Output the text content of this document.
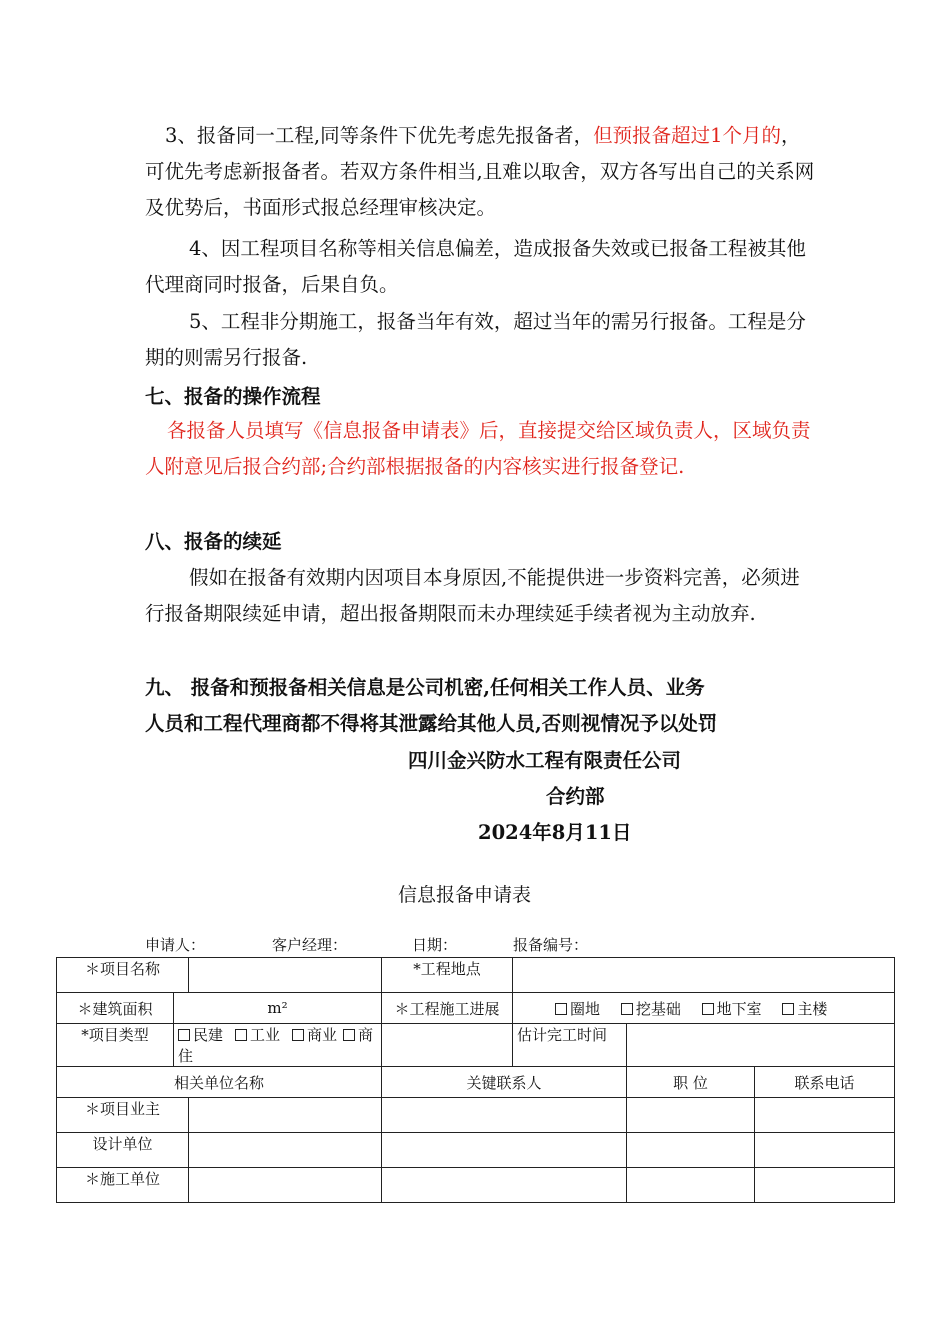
3、报备同一工程,同等条件下优先考虑先报备者，但预报备超过1个月的，可优先考虑新报备者。若双方条件相当,且难以取舍，双方各写出自己的关系网及优势后，书面形式报总经理审核决定。
4、因工程项目名称等相关信息偏差，造成报备失效或已报备工程被其他代理商同时报备，后果自负。
5、工程非分期施工，报备当年有效，超过当年的需另行报备。工程是分期的则需另行报备.
七、报备的操作流程
各报备人员填写《信息报备申请表》后，直接提交给区域负责人，区域负责人附意见后报合约部;合约部根据报备的内容核实进行报备登记.
八、报备的续延
假如在报备有效期内因项目本身原因,不能提供进一步资料完善，必须进行报备期限续延申请，超出报备期限而未办理续延手续者视为主动放弃.
九、 报备和预报备相关信息是公司机密,任何相关工作人员、业务
人员和工程代理商都不得将其泄露给其他人员,否则视情况予以处罚
四川金兴防水工程有限责任公司
合约部
2024年8月11日
信息报备申请表
申请人：	客户经理：	日期：	报备编号：
＊项目名称			*工程地点			
＊建筑面积	m²		＊工程施工进展	圈地 挖基础 地下室 主楼		
*项目类型	民建 工业 商业 商住			估计完工时间		
相关单位名称			关键联系人		职 位	联系电话
＊项目业主						
设计单位						
＊施工单位						
